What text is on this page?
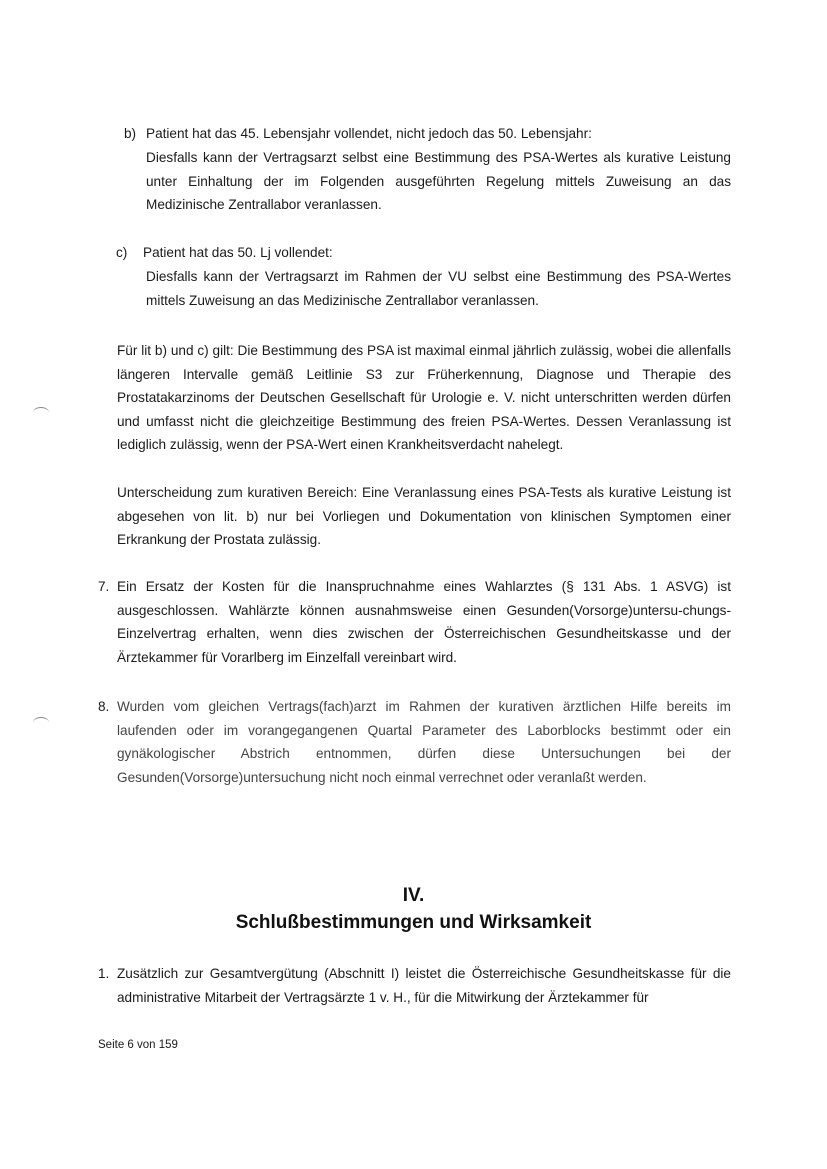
b) Patient hat das 45. Lebensjahr vollendet, nicht jedoch das 50. Lebensjahr:
Diesfalls kann der Vertragsarzt selbst eine Bestimmung des PSA-Wertes als kurative Leistung unter Einhaltung der im Folgenden ausgeführten Regelung mittels Zuweisung an das Medizinische Zentrallabor veranlassen.
c) Patient hat das 50. Lj vollendet:
Diesfalls kann der Vertragsarzt im Rahmen der VU selbst eine Bestimmung des PSA-Wertes mittels Zuweisung an das Medizinische Zentrallabor veranlassen.
Für lit b) und c) gilt: Die Bestimmung des PSA ist maximal einmal jährlich zulässig, wobei die allenfalls längeren Intervalle gemäß Leitlinie S3 zur Früherkennung, Diagnose und Therapie des Prostatakarzinoms der Deutschen Gesellschaft für Urologie e. V. nicht unterschritten werden dürfen und umfasst nicht die gleichzeitige Bestimmung des freien PSA-Wertes. Dessen Veranlassung ist lediglich zulässig, wenn der PSA-Wert einen Krankheitsverdacht nahelegt.
Unterscheidung zum kurativen Bereich: Eine Veranlassung eines PSA-Tests als kurative Leistung ist abgesehen von lit. b) nur bei Vorliegen und Dokumentation von klinischen Symptomen einer Erkrankung der Prostata zulässig.
7. Ein Ersatz der Kosten für die Inanspruchnahme eines Wahlarztes (§ 131 Abs. 1 ASVG) ist ausgeschlossen. Wahlärzte können ausnahmsweise einen Gesunden(Vorsorge)untersu-chungs-Einzelvertrag erhalten, wenn dies zwischen der Österreichischen Gesundheitskasse und der Ärztekammer für Vorarlberg im Einzelfall vereinbart wird.
8. Wurden vom gleichen Vertrags(fach)arzt im Rahmen der kurativen ärztlichen Hilfe bereits im laufenden oder im vorangegangenen Quartal Parameter des Laborblocks bestimmt oder ein gynäkologischer Abstrich entnommen, dürfen diese Untersuchungen bei der Gesunden(Vorsorge)untersuchung nicht noch einmal verrechnet oder veranlaßt werden.
IV.
Schlußbestimmungen und Wirksamkeit
1. Zusätzlich zur Gesamtvergütung (Abschnitt I) leistet die Österreichische Gesundheitskasse für die administrative Mitarbeit der Vertragsärzte 1 v. H., für die Mitwirkung der Ärztekammer für
Seite 6 von 159
